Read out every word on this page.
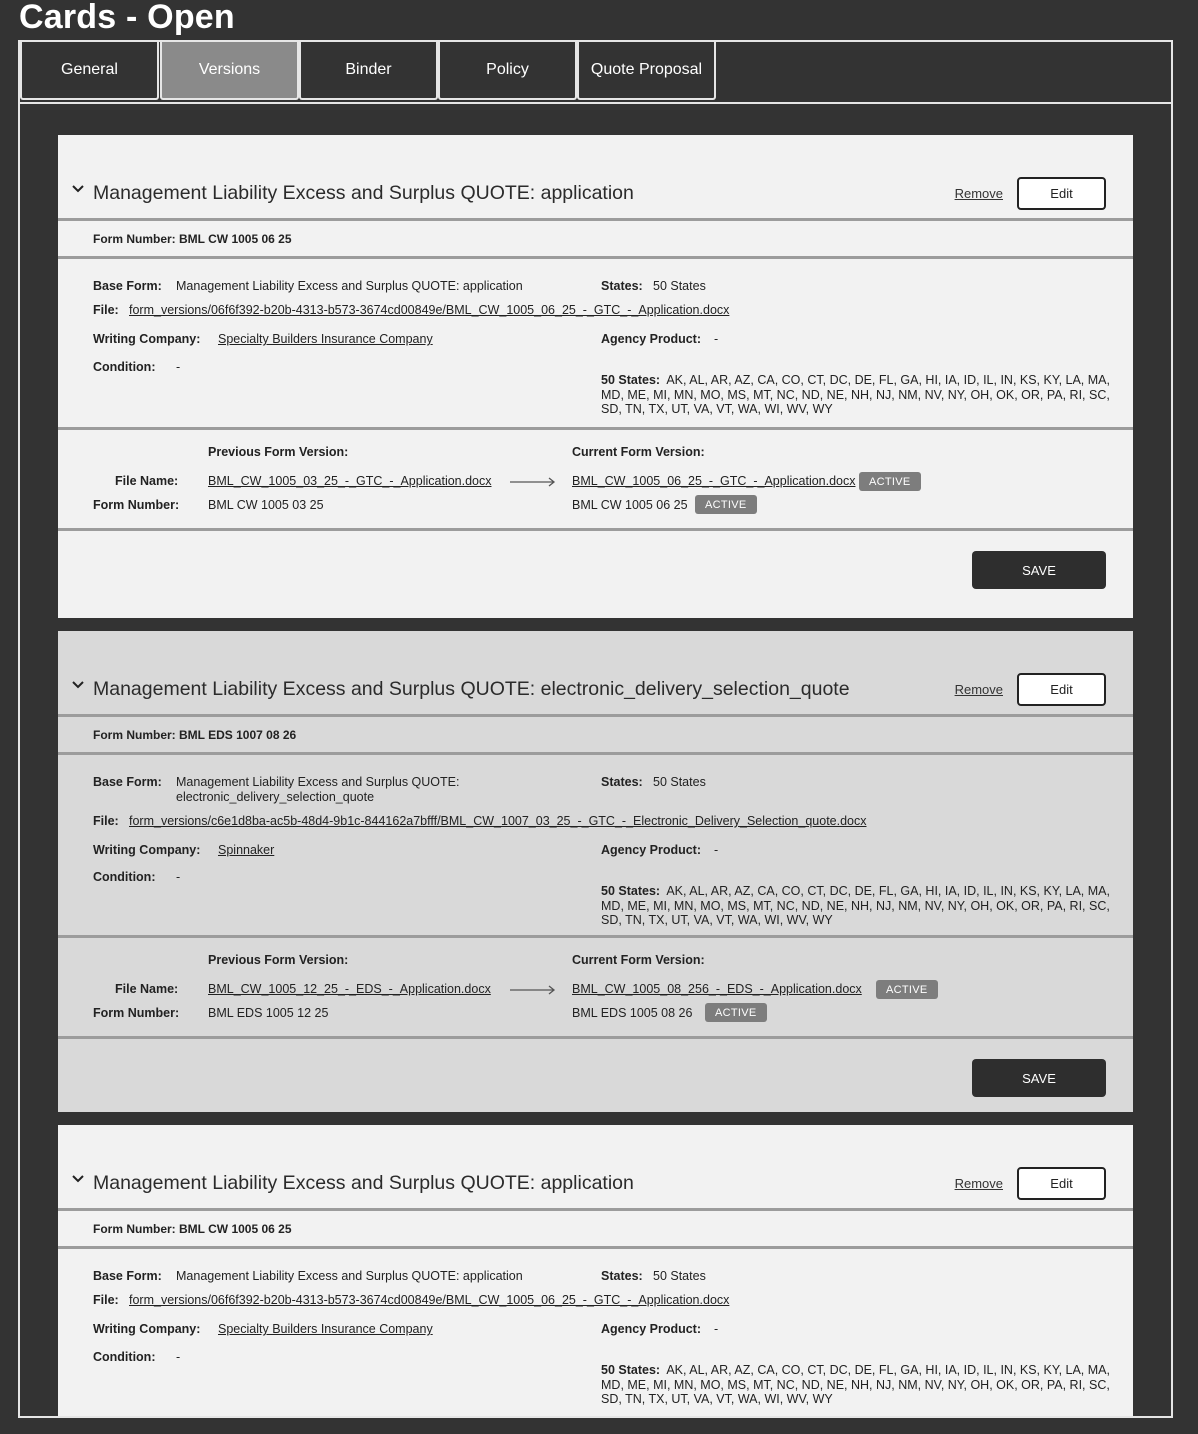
Cards - Open
General	Versions	Binder	Policy	Quote Proposal
Management Liability Excess and Surplus QUOTE: application	Remove	Edit
Form Number: BML CW 1005 06 25
Base Form: Management Liability Excess and Surplus QUOTE: application	States: 50 States
File: form_versions/06f6f392-b20b-4313-b573-3674cd00849e/BML_CW_1005_06_25_-_GTC_-_Application.docx
Writing Company: Specialty Builders Insurance Company	Agency Product: -
Condition: -
50 States: AK, AL, AR, AZ, CA, CO, CT, DC, DE, FL, GA, HI, IA, ID, IL, IN, KS, KY, LA, MA, MD, ME, MI, MN, MO, MS, MT, NC, ND, NE, NH, NJ, NM, NV, NY, OH, OK, OR, PA, RI, SC, SD, TN, TX, UT, VA, VT, WA, WI, WV, WY
Previous Form Version:	Current Form Version:
File Name: BML_CW_1005_03_25_-_GTC_-_Application.docx	BML_CW_1005_06_25_-_GTC_-_Application.docx	ACTIVE
Form Number: BML CW 1005 03 25	BML CW 1005 06 25	ACTIVE
SAVE
Management Liability Excess and Surplus QUOTE: electronic_delivery_selection_quote	Remove	Edit
Form Number: BML EDS 1007 08 26
Base Form: Management Liability Excess and Surplus QUOTE:
electronic_delivery_selection_quote
States: 50 States
File: form_versions/c6e1d8ba-ac5b-48d4-9b1c-844162a7bfff/BML_CW_1007_03_25_-_GTC_-_Electronic_Delivery_Selection_quote.docx
Writing Company: Spinnaker	Agency Product: -
Condition: -
50 States: AK, AL, AR, AZ, CA, CO, CT, DC, DE, FL, GA, HI, IA, ID, IL, IN, KS, KY, LA, MA, MD, ME, MI, MN, MO, MS, MT, NC, ND, NE, NH, NJ, NM, NV, NY, OH, OK, OR, PA, RI, SC, SD, TN, TX, UT, VA, VT, WA, WI, WV, WY
Previous Form Version:	Current Form Version:
File Name: BML_CW_1005_12_25_-_EDS_-_Application.docx	BML_CW_1005_08_256_-_EDS_-_Application.docx	ACTIVE
Form Number: BML EDS 1005 12 25	BML EDS 1005 08 26	ACTIVE
SAVE
Management Liability Excess and Surplus QUOTE: application	Remove	Edit
Form Number: BML CW 1005 06 25
Base Form: Management Liability Excess and Surplus QUOTE: application	States: 50 States
File: form_versions/06f6f392-b20b-4313-b573-3674cd00849e/BML_CW_1005_06_25_-_GTC_-_Application.docx
Writing Company: Specialty Builders Insurance Company	Agency Product: -
Condition: -
50 States: AK, AL, AR, AZ, CA, CO, CT, DC, DE, FL, GA, HI, IA, ID, IL, IN, KS, KY, LA, MA, MD, ME, MI, MN, MO, MS, MT, NC, ND, NE, NH, NJ, NM, NV, NY, OH, OK, OR, PA, RI, SC, SD, TN, TX, UT, VA, VT, WA, WI, WV, WY
